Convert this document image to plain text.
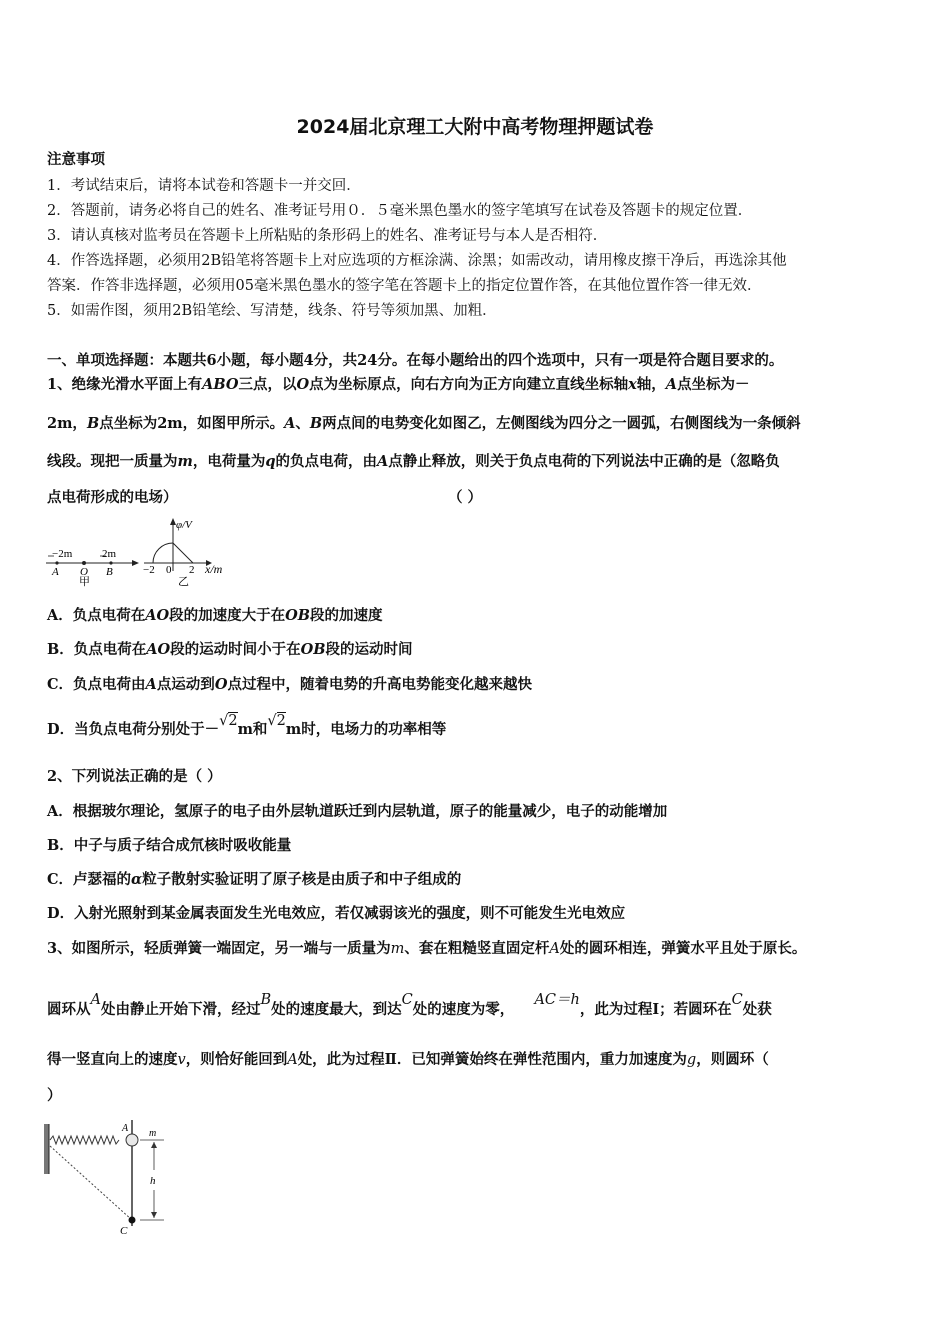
2024届北京理工大附中高考物理押题试卷
注意事项
1．考试结束后，请将本试卷和答题卡一并交回．
2．答题前，请务必将自己的姓名、准考证号用０．５毫米黑色墨水的签字笔填写在试卷及答题卡的规定位置．
3．请认真核对监考员在答题卡上所粘贴的条形码上的姓名、准考证号与本人是否相符．
4．作答选择题，必须用2B铅笔将答题卡上对应选项的方框涂满、涂黑；如需改动，请用橡皮擦干净后，再选涂其他
答案．作答非选择题，必须用05毫米黑色墨水的签字笔在答题卡上的指定位置作答，在其他位置作答一律无效．
5．如需作图，须用2B铅笔绘、写清楚，线条、符号等须加黑、加粗．
一、单项选择题：本题共6小题，每小题4分，共24分。在每小题给出的四个选项中，只有一项是符合题目要求的。
1、绝缘光滑水平面上有ABO三点，以O点为坐标原点，向右方向为正方向建立直线坐标轴x轴，A点坐标为－
2m，B点坐标为2m，如图甲所示。A、B两点间的电势变化如图乙，左侧图线为四分之一圆弧，右侧图线为一条倾斜
线段。现把一质量为m，电荷量为q的负点电荷，由A点静止释放，则关于负点电荷的下列说法中正确的是（忽略负
点电荷形成的电场）	（ ）
−2m	2m
A O B
甲
φ/V
−2 0 2 x/m
乙
A．负点电荷在AO段的加速度大于在OB段的加速度
B．负点电荷在AO段的运动时间小于在OB段的运动时间
C．负点电荷由A点运动到O点过程中，随着电势的升高电势能变化越来越快
D．当负点电荷分别处于－√2m和√2m时，电场力的功率相等
2、下列说法正确的是（ ）
A．根据玻尔理论，氢原子的电子由外层轨道跃迁到内层轨道，原子的能量减少，电子的动能增加
B．中子与质子结合成氘核时吸收能量
C．卢瑟福的α粒子散射实验证明了原子核是由质子和中子组成的
D．入射光照射到某金属表面发生光电效应，若仅减弱该光的强度，则不可能发生光电效应
3、如图所示，轻质弹簧一端固定，另一端与一质量为m、套在粗糙竖直固定杆A处的圆环相连，弹簧水平且处于原长。
圆环从A处由静止开始下滑，经过B处的速度最大，到达C处的速度为零，    AC＝h，此为过程Ⅰ；若圆环在C处获
得一竖直向上的速度v，则恰好能回到A处，此为过程Ⅱ．已知弹簧始终在弹性范围内，重力加速度为g，则圆环（
）
A m
h
C
